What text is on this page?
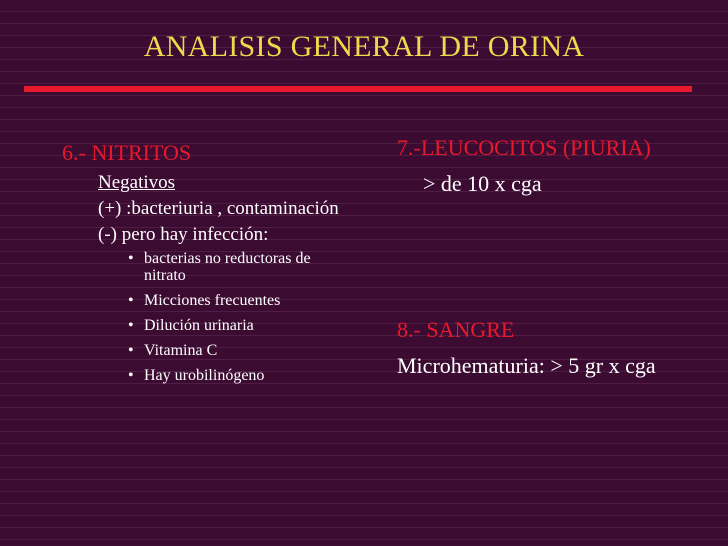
ANALISIS GENERAL DE ORINA
6.- NITRITOS
Negativos
(+) :bacteriuria , contaminación
(-) pero hay infección:
• bacterias no reductoras de nitrato
• Micciones frecuentes
• Dilución urinaria
• Vitamina C
• Hay urobilinógeno
7.-LEUCOCITOS (PIURIA)
> de 10 x cga
8.- SANGRE
Microhematuria: > 5 gr x cga
